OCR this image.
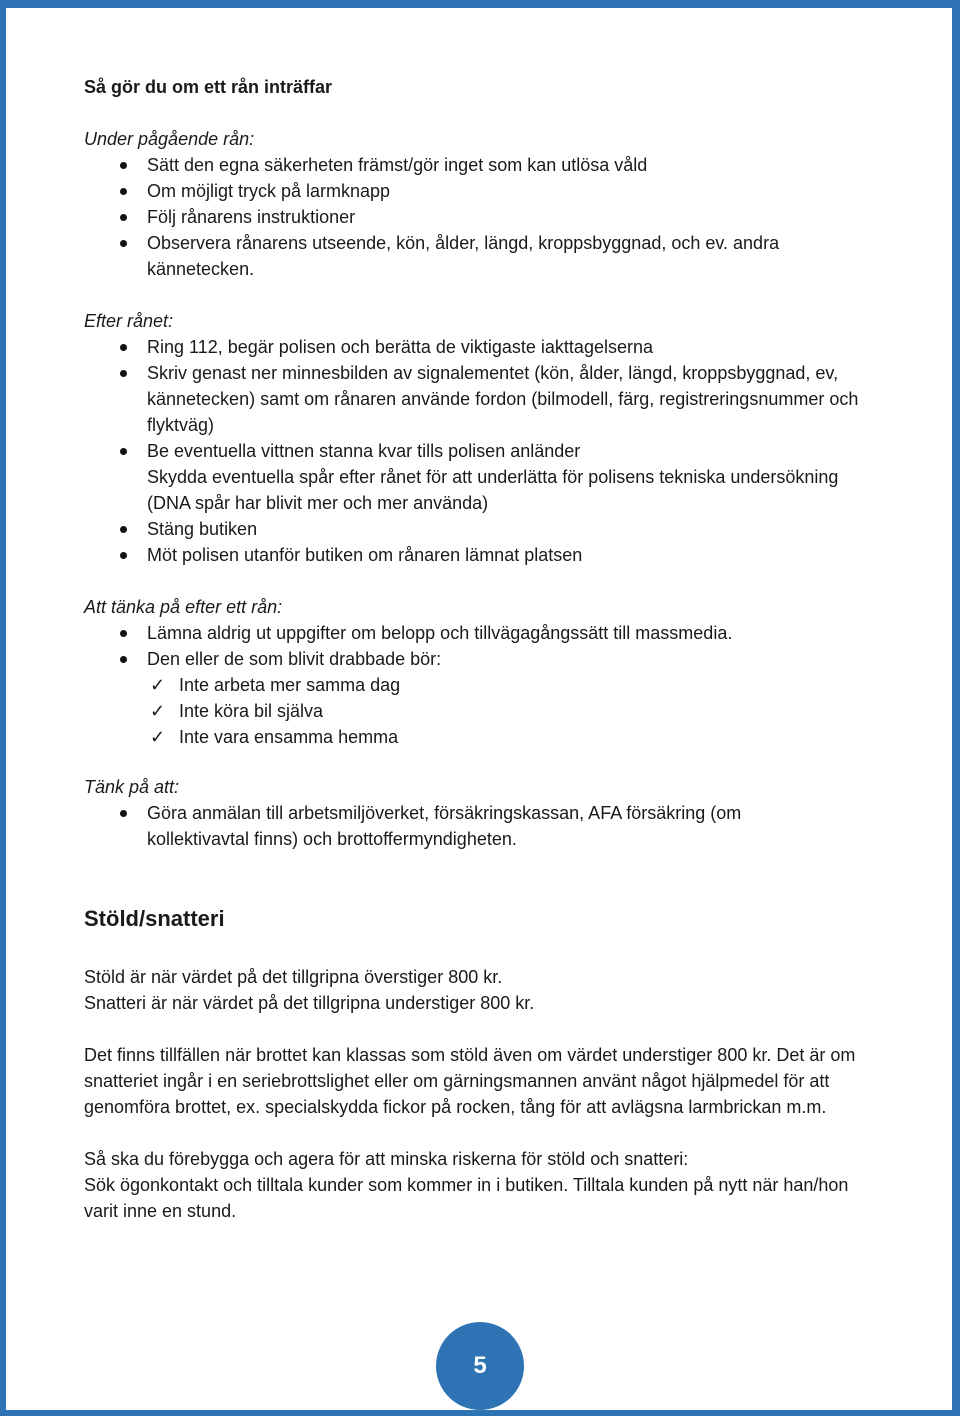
Så gör du om ett rån inträffar
Under pågående rån:
Sätt den egna säkerheten främst/gör inget som kan utlösa våld
Om möjligt tryck på larmknapp
Följ rånarens instruktioner
Observera rånarens utseende, kön, ålder, längd, kroppsbyggnad, och ev. andra kännetecken.
Efter rånet:
Ring 112, begär polisen och berätta de viktigaste iakttagelserna
Skriv genast ner minnesbilden av signalementet (kön, ålder, längd, kroppsbyggnad, ev, kännetecken) samt om rånaren använde fordon (bilmodell, färg, registreringsnummer och flyktväg)
Be eventuella vittnen stanna kvar tills polisen anländer
Skydda eventuella spår efter rånet för att underlätta för polisens tekniska undersökning (DNA spår har blivit mer och mer använda)
Stäng butiken
Möt polisen utanför butiken om rånaren lämnat platsen
Att tänka på efter ett rån:
Lämna aldrig ut uppgifter om belopp och tillvägagångssätt till massmedia.
Den eller de som blivit drabbade bör:
✓ Inte arbeta mer samma dag
✓ Inte köra bil själva
✓ Inte vara ensamma hemma
Tänk på att:
Göra anmälan till arbetsmiljöverket, försäkringskassan, AFA försäkring (om kollektivavtal finns) och brottoffermyndigheten.
Stöld/snatteri

Stöld är när värdet på det tillgripna överstiger 800 kr.

Snatteri är när värdet på det tillgripna understiger 800 kr.

Det finns tillfällen när brottet kan klassas som stöld även om värdet understiger 800 kr. Det är om snatteriet ingår i en seriebrottslighet eller om gärningsmannen använt något hjälpmedel för att genomföra brottet, ex. specialskydda fickor på rocken, tång för att avlägsna larmbrickan m.m.

Så ska du förebygga och agera för att minska riskerna för stöld och snatteri:

Sök ögonkontakt och tilltala kunder som kommer in i butiken. Tilltala kunden på nytt när han/hon varit inne en stund.

5
